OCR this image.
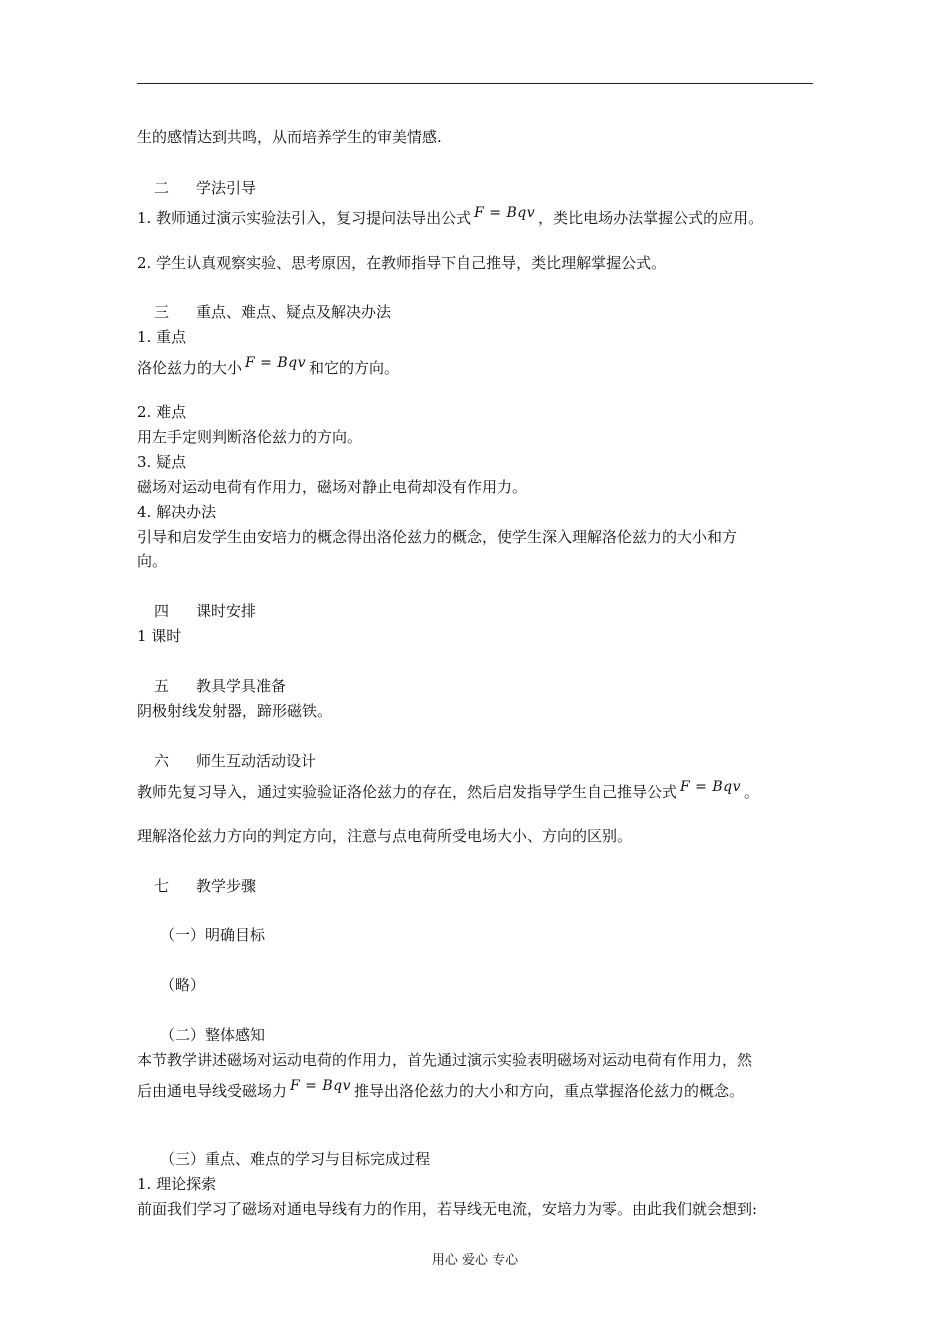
生的感情达到共鸣，从而培养学生的审美情感.
二 学法引导
1. 教师通过演示实验法引入，复习提问法导出公式 F = Bqv ，类比电场办法掌握公式的应用。
2. 学生认真观察实验、思考原因，在教师指导下自己推导，类比理解掌握公式。
三 重点、难点、疑点及解决办法
1. 重点
洛伦兹力的大小 F = Bqv 和它的方向。
2. 难点
用左手定则判断洛伦兹力的方向。
3. 疑点
磁场对运动电荷有作用力，磁场对静止电荷却没有作用力。
4. 解决办法
引导和启发学生由安培力的概念得出洛伦兹力的概念，使学生深入理解洛伦兹力的大小和方
向。
四 课时安排
1 课时
五 教具学具准备
阴极射线发射器，蹄形磁铁。
六 师生互动活动设计
教师先复习导入，通过实验验证洛伦兹力的存在，然后启发指导学生自己推导公式 F = Bqv 。
理解洛伦兹力方向的判定方向，注意与点电荷所受电场大小、方向的区别。
七 教学步骤
（一）明确目标
（略）
（二）整体感知
本节教学讲述磁场对运动电荷的作用力，首先通过演示实验表明磁场对运动电荷有作用力，然
后由通电导线受磁场力 F = Bqv 推导出洛伦兹力的大小和方向，重点掌握洛伦兹力的概念。
（三）重点、难点的学习与目标完成过程
1. 理论探索
前面我们学习了磁场对通电导线有力的作用，若导线无电流，安培力为零。由此我们就会想到:
用心 爱心 专心
